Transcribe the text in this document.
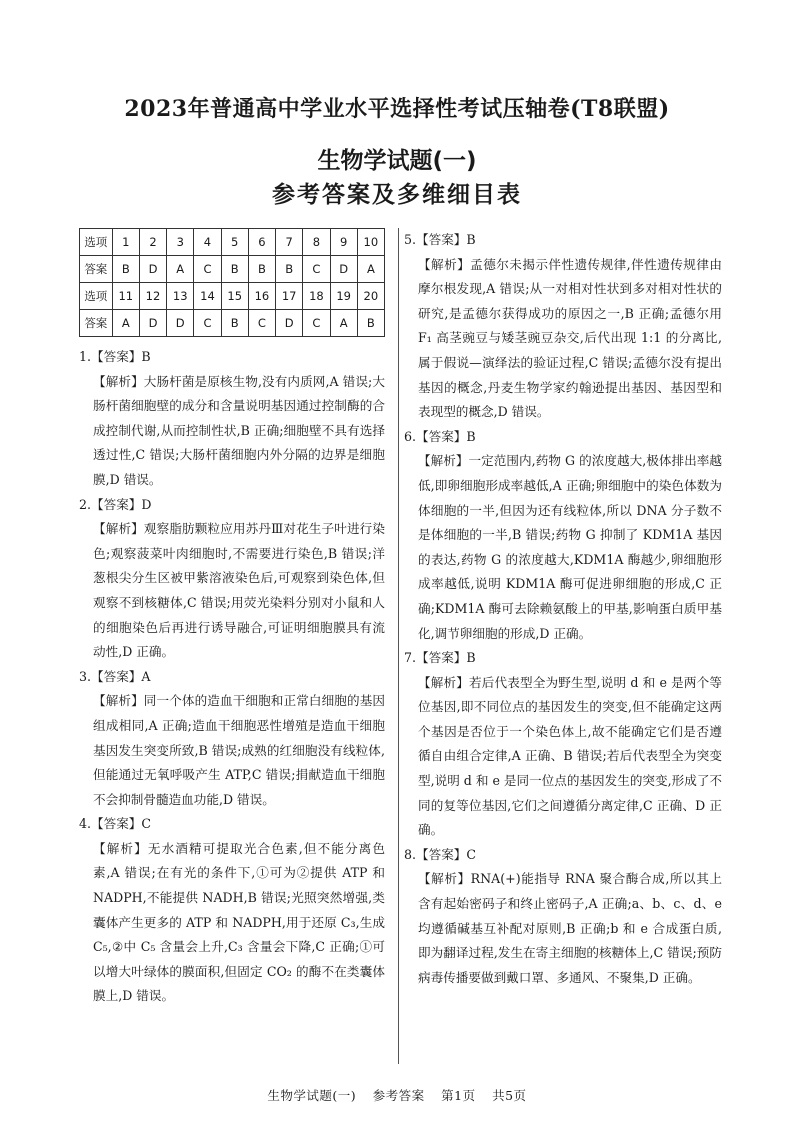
2023年普通高中学业水平选择性考试压轴卷(T8联盟)
生物学试题(一)
参考答案及多维细目表
选项	1	2	3	4	5	6	7	8	9	10
答案	B	D	A	C	B	B	B	C	D	A
选项	11	12	13	14	15	16	17	18	19	20
答案	A	D	D	C	B	C	D	C	A	B
1.【答案】B
【解析】大肠杆菌是原核生物,没有内质网,A 错误;大肠杆菌细胞壁的成分和含量说明基因通过控制酶的合成控制代谢,从而控制性状,B 正确;细胞壁不具有选择透过性,C 错误;大肠杆菌细胞内外分隔的边界是细胞膜,D 错误。
2.【答案】D
【解析】观察脂肪颗粒应用苏丹Ⅲ对花生子叶进行染色;观察菠菜叶肉细胞时,不需要进行染色,B 错误;洋葱根尖分生区被甲紫溶液染色后,可观察到染色体,但观察不到核糖体,C 错误;用荧光染料分别对小鼠和人的细胞染色后再进行诱导融合,可证明细胞膜具有流动性,D 正确。
3.【答案】A
【解析】同一个体的造血干细胞和正常白细胞的基因组成相同,A 正确;造血干细胞恶性增殖是造血干细胞基因发生突变所致,B 错误;成熟的红细胞没有线粒体,但能通过无氧呼吸产生 ATP,C 错误;捐献造血干细胞不会抑制骨髓造血功能,D 错误。
4.【答案】C
【解析】无水酒精可提取光合色素,但不能分离色素,A 错误;在有光的条件下,①可为②提供 ATP 和 NADPH,不能提供 NADH,B 错误;光照突然增强,类囊体产生更多的 ATP 和 NADPH,用于还原 C₃,生成 C₅,②中 C₅ 含量会上升,C₃ 含量会下降,C 正确;①可以增大叶绿体的膜面积,但固定 CO₂ 的酶不在类囊体膜上,D 错误。
5.【答案】B
【解析】孟德尔未揭示伴性遗传规律,伴性遗传规律由摩尔根发现,A 错误;从一对相对性状到多对相对性状的研究,是孟德尔获得成功的原因之一,B 正确;孟德尔用 F₁ 高茎豌豆与矮茎豌豆杂交,后代出现 1:1 的分离比,属于假说—演绎法的验证过程,C 错误;孟德尔没有提出基因的概念,丹麦生物学家约翰逊提出基因、基因型和表现型的概念,D 错误。
6.【答案】B
【解析】一定范围内,药物 G 的浓度越大,极体排出率越低,即卵细胞形成率越低,A 正确;卵细胞中的染色体数为体细胞的一半,但因为还有线粒体,所以 DNA 分子数不是体细胞的一半,B 错误;药物 G 抑制了 KDM1A 基因的表达,药物 G 的浓度越大,KDM1A 酶越少,卵细胞形成率越低,说明 KDM1A 酶可促进卵细胞的形成,C 正确;KDM1A 酶可去除赖氨酸上的甲基,影响蛋白质甲基化,调节卵细胞的形成,D 正确。
7.【答案】B
【解析】若后代表型全为野生型,说明 d 和 e 是两个等位基因,即不同位点的基因发生的突变,但不能确定这两个基因是否位于一个染色体上,故不能确定它们是否遵循自由组合定律,A 正确、B 错误;若后代表型全为突变型,说明 d 和 e 是同一位点的基因发生的突变,形成了不同的复等位基因,它们之间遵循分离定律,C 正确、D 正确。
8.【答案】C
【解析】RNA(+)能指导 RNA 聚合酶合成,所以其上含有起始密码子和终止密码子,A 正确;a、b、c、d、e 均遵循碱基互补配对原则,B 正确;b 和 e 合成蛋白质,即为翻译过程,发生在寄主细胞的核糖体上,C 错误;预防病毒传播要做到戴口罩、多通风、不聚集,D 正确。
生物学试题(一) 参考答案 第1页 共5页
